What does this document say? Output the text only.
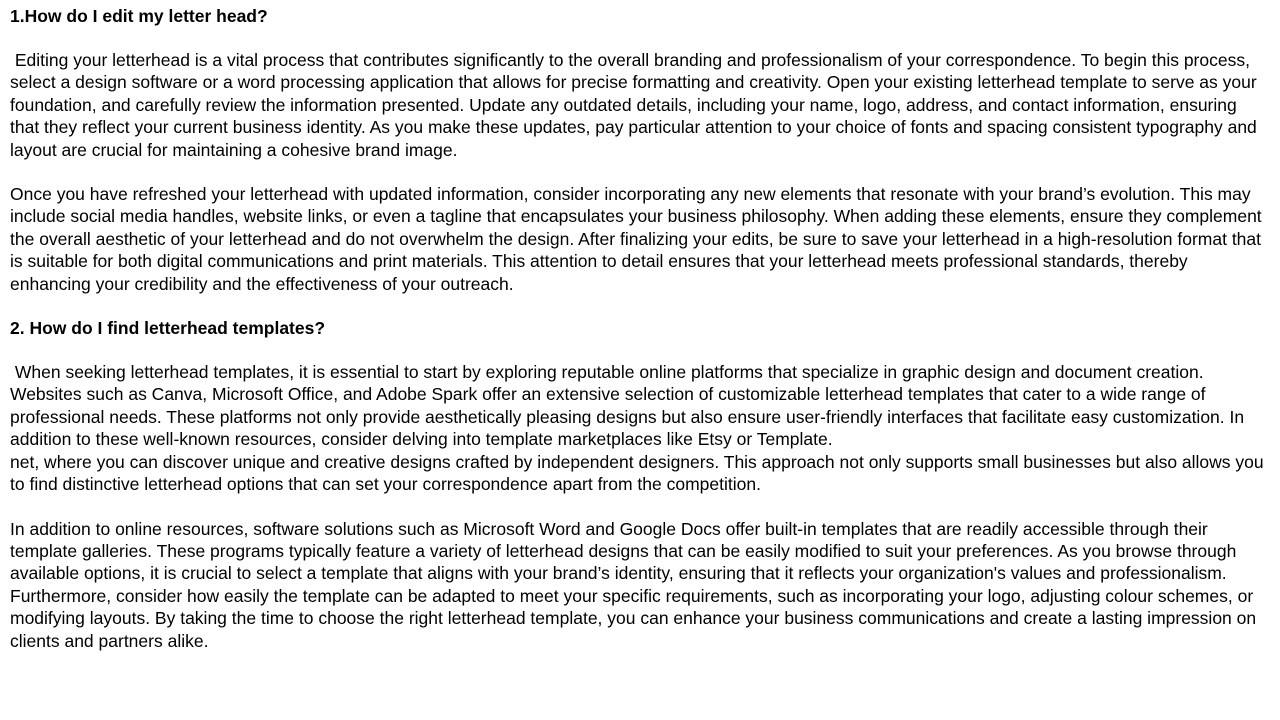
1.How do I edit my letter head?
Editing your letterhead is a vital process that contributes significantly to the overall branding and professionalism of your correspondence. To begin this process, select a design software or a word processing application that allows for precise formatting and creativity. Open your existing letterhead template to serve as your foundation, and carefully review the information presented. Update any outdated details, including your name, logo, address, and contact information, ensuring that they reflect your current business identity. As you make these updates, pay particular attention to your choice of fonts and spacing consistent typography and layout are crucial for maintaining a cohesive brand image.
Once you have refreshed your letterhead with updated information, consider incorporating any new elements that resonate with your brand’s evolution. This may include social media handles, website links, or even a tagline that encapsulates your business philosophy. When adding these elements, ensure they complement the overall aesthetic of your letterhead and do not overwhelm the design. After finalizing your edits, be sure to save your letterhead in a high-resolution format that is suitable for both digital communications and print materials. This attention to detail ensures that your letterhead meets professional standards, thereby enhancing your credibility and the effectiveness of your outreach.
2. How do I find letterhead templates?
When seeking letterhead templates, it is essential to start by exploring reputable online platforms that specialize in graphic design and document creation. Websites such as Canva, Microsoft Office, and Adobe Spark offer an extensive selection of customizable letterhead templates that cater to a wide range of professional needs. These platforms not only provide aesthetically pleasing designs but also ensure user-friendly interfaces that facilitate easy customization. In addition to these well-known resources, consider delving into template marketplaces like Etsy or Template.
net, where you can discover unique and creative designs crafted by independent designers. This approach not only supports small businesses but also allows you to find distinctive letterhead options that can set your correspondence apart from the competition.
In addition to online resources, software solutions such as Microsoft Word and Google Docs offer built-in templates that are readily accessible through their template galleries. These programs typically feature a variety of letterhead designs that can be easily modified to suit your preferences. As you browse through available options, it is crucial to select a template that aligns with your brand’s identity, ensuring that it reflects your organization's values and professionalism. Furthermore, consider how easily the template can be adapted to meet your specific requirements, such as incorporating your logo, adjusting colour schemes, or modifying layouts. By taking the time to choose the right letterhead template, you can enhance your business communications and create a lasting impression on clients and partners alike.
